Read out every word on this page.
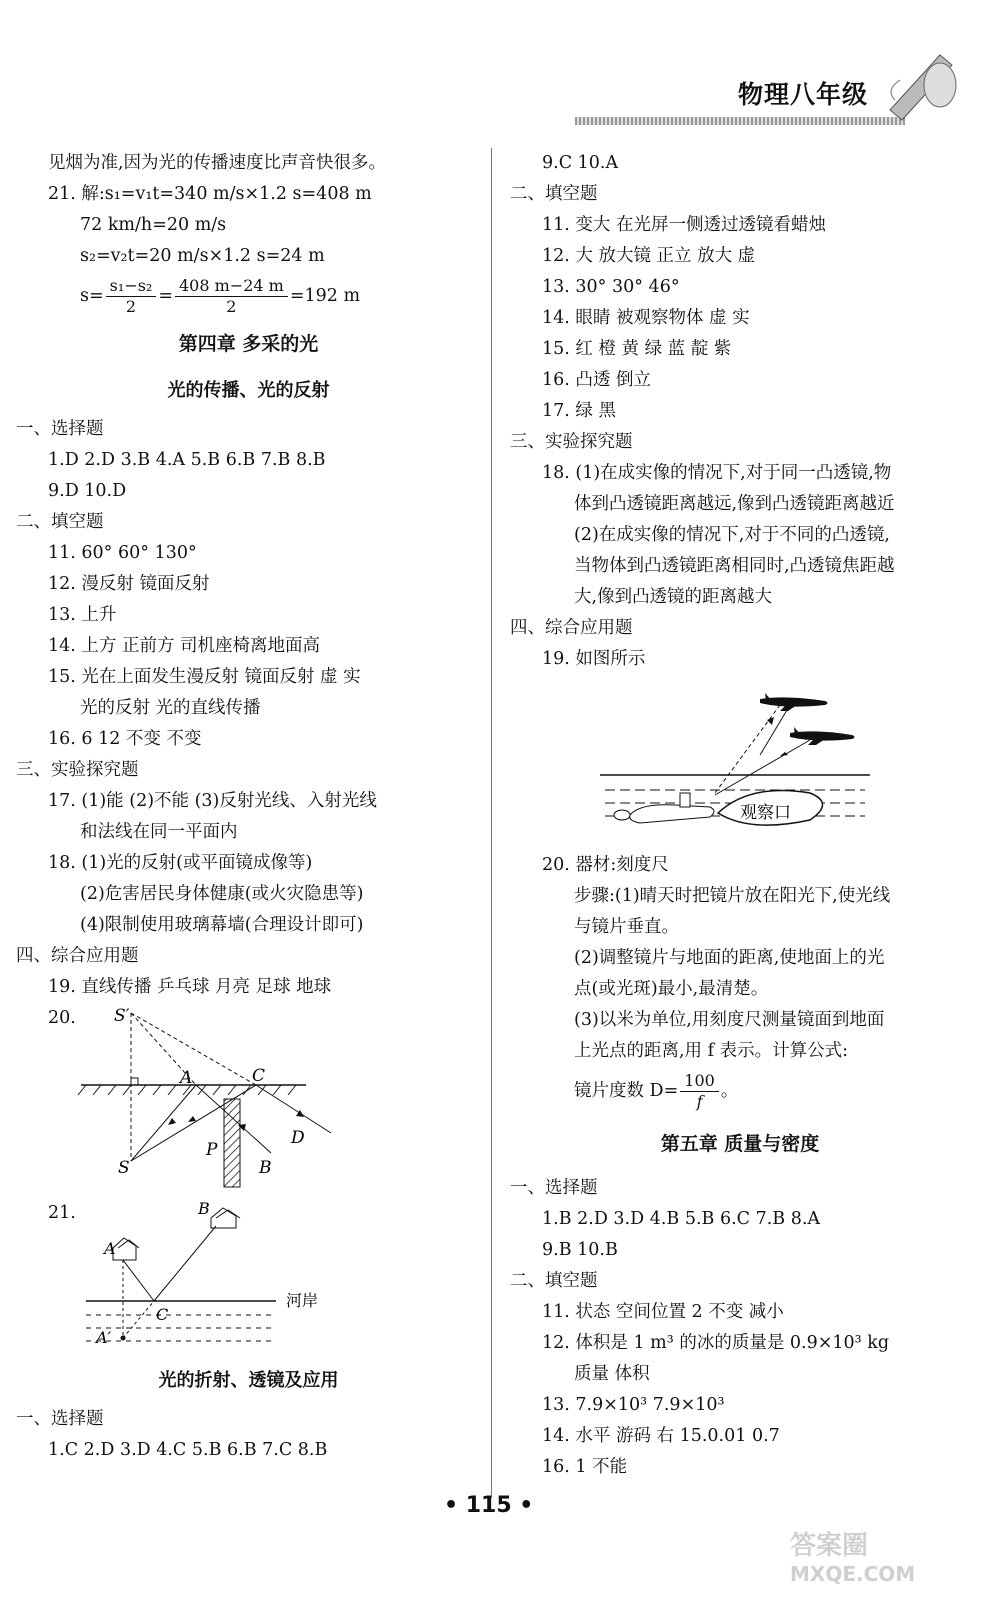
物理八年级
见烟为准,因为光的传播速度比声音快很多。
21. 解:s₁=v₁t=340 m/s×1.2 s=408 m
72 km/h=20 m/s
s₂=v₂t=20 m/s×1.2 s=24 m
$s= \frac{\text{s₁−s₂}}{2} = \frac{408 m-24 m}{2} =192$ m
第四章 多采的光
光的传播、光的反射
一、选择题
1.D 2.D 3.B 4.A 5.B 6.B 7.B 8.B
9.D 10.D
二、填空题
11. 60° 60° 130°
12. 漫反射 镜面反射
13. 上升
14. 上方 正前方 司机座椅离地面高
15. 光在上面发生漫反射 镜面反射 虚 实
光的反射 光的直线传播
16. 6 12 不变 不变
三、实验探究题
17. (1)能 (2)不能 (3)反射光线、入射光线
和法线在同一平面内
18. (1)光的反射(或平面镜成像等)
(2)危害居民身体健康(或火灾隐患等)
(4)限制使用玻璃幕墙(合理设计即可)
四、综合应用题
19. 直线传播 乒乓球 月亮 足球 地球
20. S′
A	C
D
P
B
S
21.
A
B
C
A′
河岸
光的折射、透镜及应用
一、选择题
1.C 2.D 3.D 4.C 5.B 6.B 7.C 8.B
9.C 10.A
二、填空题
11. 变大 在光屏一侧透过透镜看蜡烛
12. 大 放大镜 正立 放大 虚
13. 30° 30° 46°
14. 眼睛 被观察物体 虚 实
15. 红 橙 黄 绿 蓝 靛 紫
16. 凸透 倒立
17. 绿 黑
三、实验探究题
18. (1)在成实像的情况下,对于同一凸透镜,物
体到凸透镜距离越远,像到凸透镜距离越近
(2)在成实像的情况下,对于不同的凸透镜,
当物体到凸透镜距离相同时,凸透镜焦距越
大,像到凸透镜的距离越大
四、综合应用题
19. 如图所示
观察口
20. 器材:刻度尺
步骤:(1)晴天时把镜片放在阳光下,使光线
与镜片垂直。
(2)调整镜片与地面的距离,使地面上的光
点(或光斑)最小,最清楚。
(3)以米为单位,用刻度尺测量镜面到地面
上光点的距离,用 f 表示。计算公式:
镜片度数 $D= \frac{100}{f}$ 。
第五章 质量与密度
一、选择题
1.B 2.D 3.D 4.B 5.B 6.C 7.B 8.A
9.B 10.B
二、填空题
11. 状态 空间位置 2 不变 减小
12. 体积是 1 m³ 的冰的质量是 0.9×10³ kg
质量 体积
13. 7.9×10³ 7.9×10³
14. 水平 游码 右 15.0.01 0.7
16. 1 不能
• 115 •
答案圈
MXQE.COM
